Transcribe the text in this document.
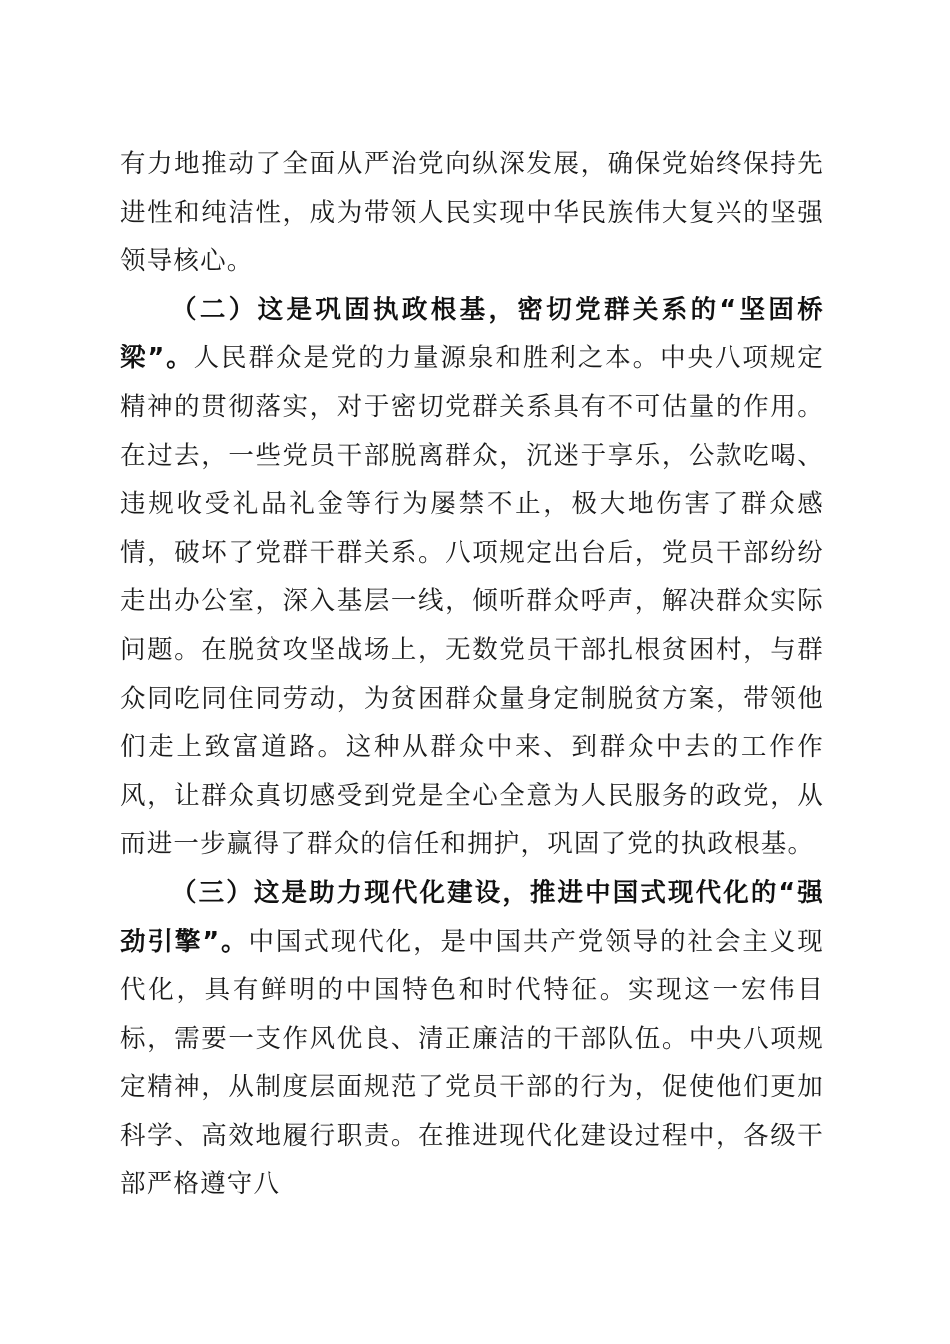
有力地推动了全面从严治党向纵深发展，确保党始终保持先进性和纯洁性，成为带领人民实现中华民族伟大复兴的坚强领导核心。

（二）这是巩固执政根基，密切党群关系的“坚固桥梁”。人民群众是党的力量源泉和胜利之本。中央八项规定精神的贯彻落实，对于密切党群关系具有不可估量的作用。在过去，一些党员干部脱离群众，沉迷于享乐，公款吃喝、违规收受礼品礼金等行为屡禁不止，极大地伤害了群众感情，破坏了党群干群关系。八项规定出台后，党员干部纷纷走出办公室，深入基层一线，倾听群众呼声，解决群众实际问题。在脱贫攻坚战场上，无数党员干部扎根贫困村，与群众同吃同住同劳动，为贫困群众量身定制脱贫方案，带领他们走上致富道路。这种从群众中来、到群众中去的工作作风，让群众真切感受到党是全心全意为人民服务的政党，从而进一步赢得了群众的信任和拥护，巩固了党的执政根基。

（三）这是助力现代化建设，推进中国式现代化的“强劲引擎”。中国式现代化，是中国共产党领导的社会主义现代化，具有鲜明的中国特色和时代特征。实现这一宏伟目标，需要一支作风优良、清正廉洁的干部队伍。中央八项规定精神，从制度层面规范了党员干部的行为，促使他们更加科学、高效地履行职责。在推进现代化建设过程中，各级干部严格遵守八
